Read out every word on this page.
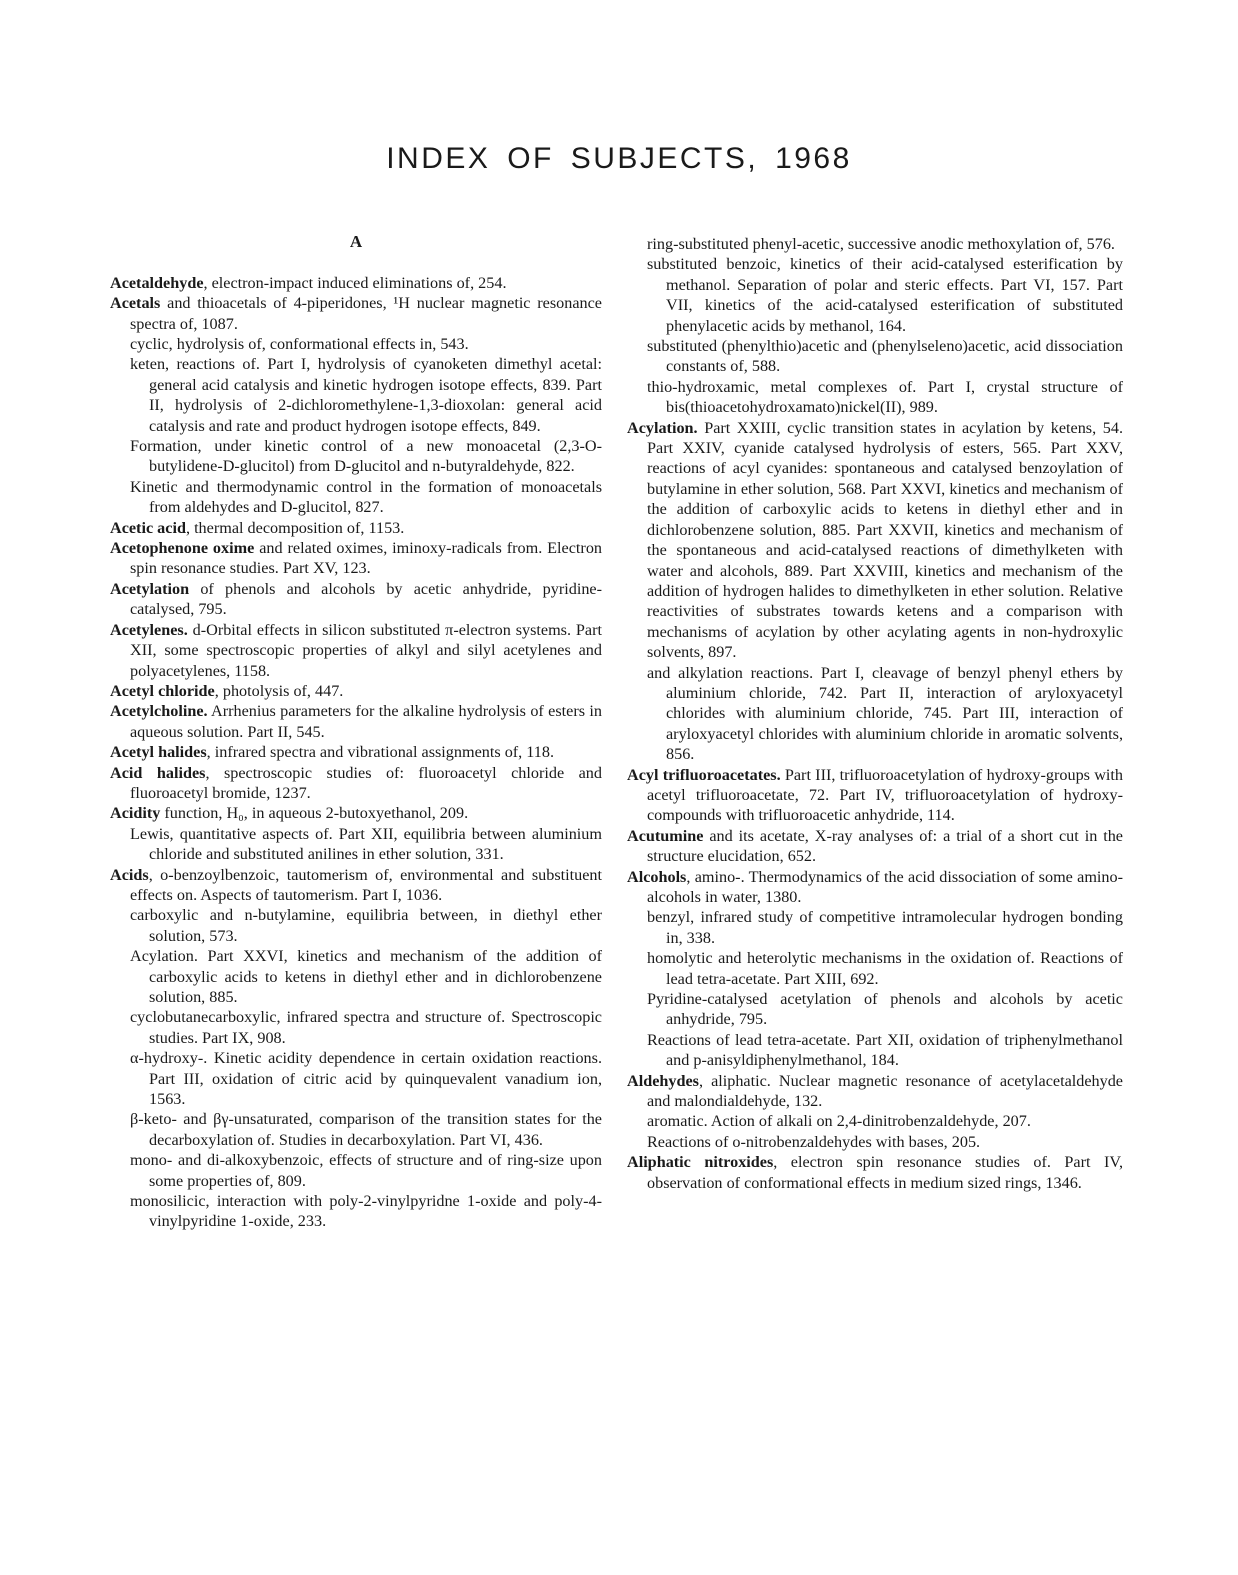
INDEX OF SUBJECTS, 1968
A

Acetaldehyde, electron-impact induced eliminations of, 254.

Acetals and thioacetals of 4-piperidones, ¹H nuclear magnetic resonance spectra of, 1087.

cyclic, hydrolysis of, conformational effects in, 543.

keten, reactions of. Part I, hydrolysis of cyanoketen dimethyl acetal: general acid catalysis and kinetic hydrogen isotope effects, 839. Part II, hydrolysis of 2-dichloromethylene-1,3-dioxolan: general acid catalysis and rate and product hydrogen isotope effects, 849.

Formation, under kinetic control of a new monoacetal (2,3-O-butylidene-D-glucitol) from D-glucitol and n-butyraldehyde, 822.

Kinetic and thermodynamic control in the formation of monoacetals from aldehydes and D-glucitol, 827.

Acetic acid, thermal decomposition of, 1153.

Acetophenone oxime and related oximes, iminoxy-radicals from. Electron spin resonance studies. Part XV, 123.

Acetylation of phenols and alcohols by acetic anhydride, pyridine-catalysed, 795.

Acetylenes. d-Orbital effects in silicon substituted π-electron systems. Part XII, some spectroscopic properties of alkyl and silyl acetylenes and polyacetylenes, 1158.

Acetyl chloride, photolysis of, 447.

Acetylcholine. Arrhenius parameters for the alkaline hydrolysis of esters in aqueous solution. Part II, 545.

Acetyl halides, infrared spectra and vibrational assignments of, 118.

Acid halides, spectroscopic studies of: fluoroacetyl chloride and fluoroacetyl bromide, 1237.

Acidity function, H₀, in aqueous 2-butoxyethanol, 209.

Lewis, quantitative aspects of. Part XII, equilibria between aluminium chloride and substituted anilines in ether solution, 331.

Acids, o-benzoylbenzoic, tautomerism of, environmental and substituent effects on. Aspects of tautomerism. Part I, 1036.

carboxylic and n-butylamine, equilibria between, in diethyl ether solution, 573.

Acylation. Part XXVI, kinetics and mechanism of the addition of carboxylic acids to ketens in diethyl ether and in dichlorobenzene solution, 885.

cyclobutanecarboxylic, infrared spectra and structure of. Spectroscopic studies. Part IX, 908.

α-hydroxy-. Kinetic acidity dependence in certain oxidation reactions. Part III, oxidation of citric acid by quinquevalent vanadium ion, 1563.

β-keto- and βγ-unsaturated, comparison of the transition states for the decarboxylation of. Studies in decarboxylation. Part VI, 436.

mono- and di-alkoxybenzoic, effects of structure and of ring-size upon some properties of, 809.

monosilicic, interaction with poly-2-vinylpyridne 1-oxide and poly-4-vinylpyridine 1-oxide, 233.

ring-substituted phenyl-acetic, successive anodic methoxylation of, 576.

substituted benzoic, kinetics of their acid-catalysed esterification by methanol. Separation of polar and steric effects. Part VI, 157. Part VII, kinetics of the acid-catalysed esterification of substituted phenylacetic acids by methanol, 164.

substituted (phenylthio)acetic and (phenylseleno)acetic, acid dissociation constants of, 588.

thio-hydroxamic, metal complexes of. Part I, crystal structure of bis(thioacetohydroxamato)nickel(II), 989.

Acylation. Part XXIII, cyclic transition states in acylation by ketens, 54. Part XXIV, cyanide catalysed hydrolysis of esters, 565. Part XXV, reactions of acyl cyanides: spontaneous and catalysed benzoylation of butylamine in ether solution, 568. Part XXVI, kinetics and mechanism of the addition of carboxylic acids to ketens in diethyl ether and in dichlorobenzene solution, 885. Part XXVII, kinetics and mechanism of the spontaneous and acid-catalysed reactions of dimethylketen with water and alcohols, 889. Part XXVIII, kinetics and mechanism of the addition of hydrogen halides to dimethylketen in ether solution. Relative reactivities of substrates towards ketens and a comparison with mechanisms of acylation by other acylating agents in non-hydroxylic solvents, 897.

and alkylation reactions. Part I, cleavage of benzyl phenyl ethers by aluminium chloride, 742. Part II, interaction of aryloxyacetyl chlorides with aluminium chloride, 745. Part III, interaction of aryloxyacetyl chlorides with aluminium chloride in aromatic solvents, 856.

Acyl trifluoroacetates. Part III, trifluoroacetylation of hydroxy-groups with acetyl trifluoroacetate, 72. Part IV, trifluoroacetylation of hydroxy-compounds with trifluoroacetic anhydride, 114.

Acutumine and its acetate, X-ray analyses of: a trial of a short cut in the structure elucidation, 652.

Alcohols, amino-. Thermodynamics of the acid dissociation of some amino-alcohols in water, 1380.

benzyl, infrared study of competitive intramolecular hydrogen bonding in, 338.

homolytic and heterolytic mechanisms in the oxidation of. Reactions of lead tetra-acetate. Part XIII, 692.

Pyridine-catalysed acetylation of phenols and alcohols by acetic anhydride, 795.

Reactions of lead tetra-acetate. Part XII, oxidation of triphenylmethanol and p-anisyldiphenylmethanol, 184.

Aldehydes, aliphatic. Nuclear magnetic resonance of acetylacetaldehyde and malondialdehyde, 132.

aromatic. Action of alkali on 2,4-dinitrobenzaldehyde, 207.

Reactions of o-nitrobenzaldehydes with bases, 205.

Aliphatic nitroxides, electron spin resonance studies of. Part IV, observation of conformational effects in medium sized rings, 1346.
